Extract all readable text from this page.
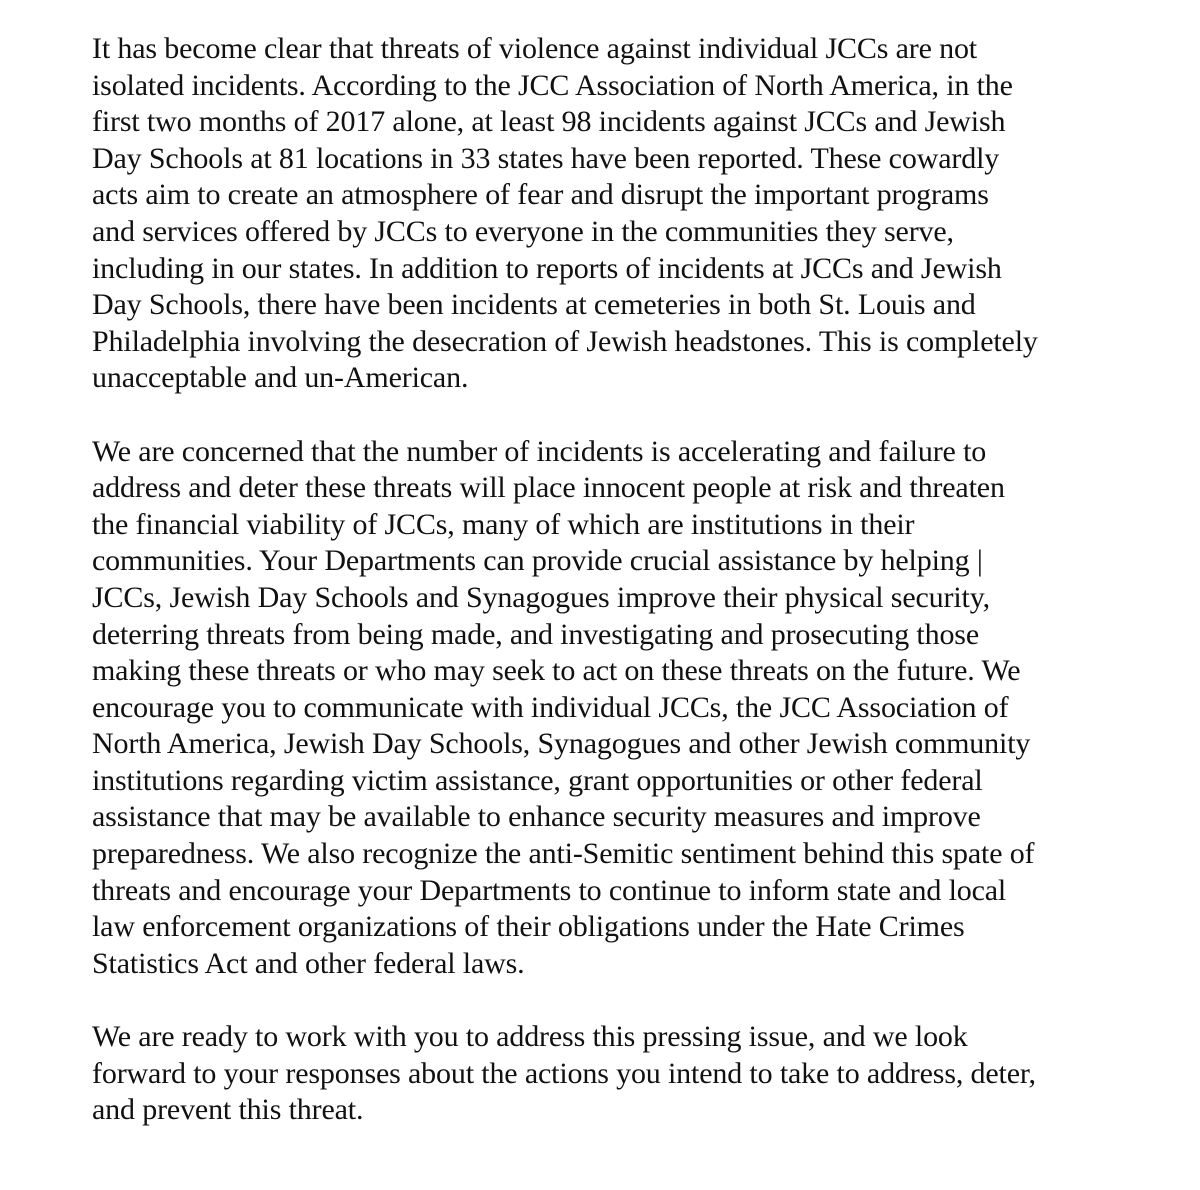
It has become clear that threats of violence against individual JCCs are not
isolated incidents. According to the JCC Association of North America, in the
first two months of 2017 alone, at least 98 incidents against JCCs and Jewish
Day Schools at 81 locations in 33 states have been reported. These cowardly
acts aim to create an atmosphere of fear and disrupt the important programs
and services offered by JCCs to everyone in the communities they serve,
including in our states. In addition to reports of incidents at JCCs and Jewish
Day Schools, there have been incidents at cemeteries in both St. Louis and
Philadelphia involving the desecration of Jewish headstones. This is completely
unacceptable and un-American.
We are concerned that the number of incidents is accelerating and failure to
address and deter these threats will place innocent people at risk and threaten
the financial viability of JCCs, many of which are institutions in their
communities. Your Departments can provide crucial assistance by helping |
JCCs, Jewish Day Schools and Synagogues improve their physical security,
deterring threats from being made, and investigating and prosecuting those
making these threats or who may seek to act on these threats on the future. We
encourage you to communicate with individual JCCs, the JCC Association of
North America, Jewish Day Schools, Synagogues and other Jewish community
institutions regarding victim assistance, grant opportunities or other federal
assistance that may be available to enhance security measures and improve
preparedness. We also recognize the anti-Semitic sentiment behind this spate of
threats and encourage your Departments to continue to inform state and local
law enforcement organizations of their obligations under the Hate Crimes
Statistics Act and other federal laws.
We are ready to work with you to address this pressing issue, and we look
forward to your responses about the actions you intend to take to address, deter,
and prevent this threat.
